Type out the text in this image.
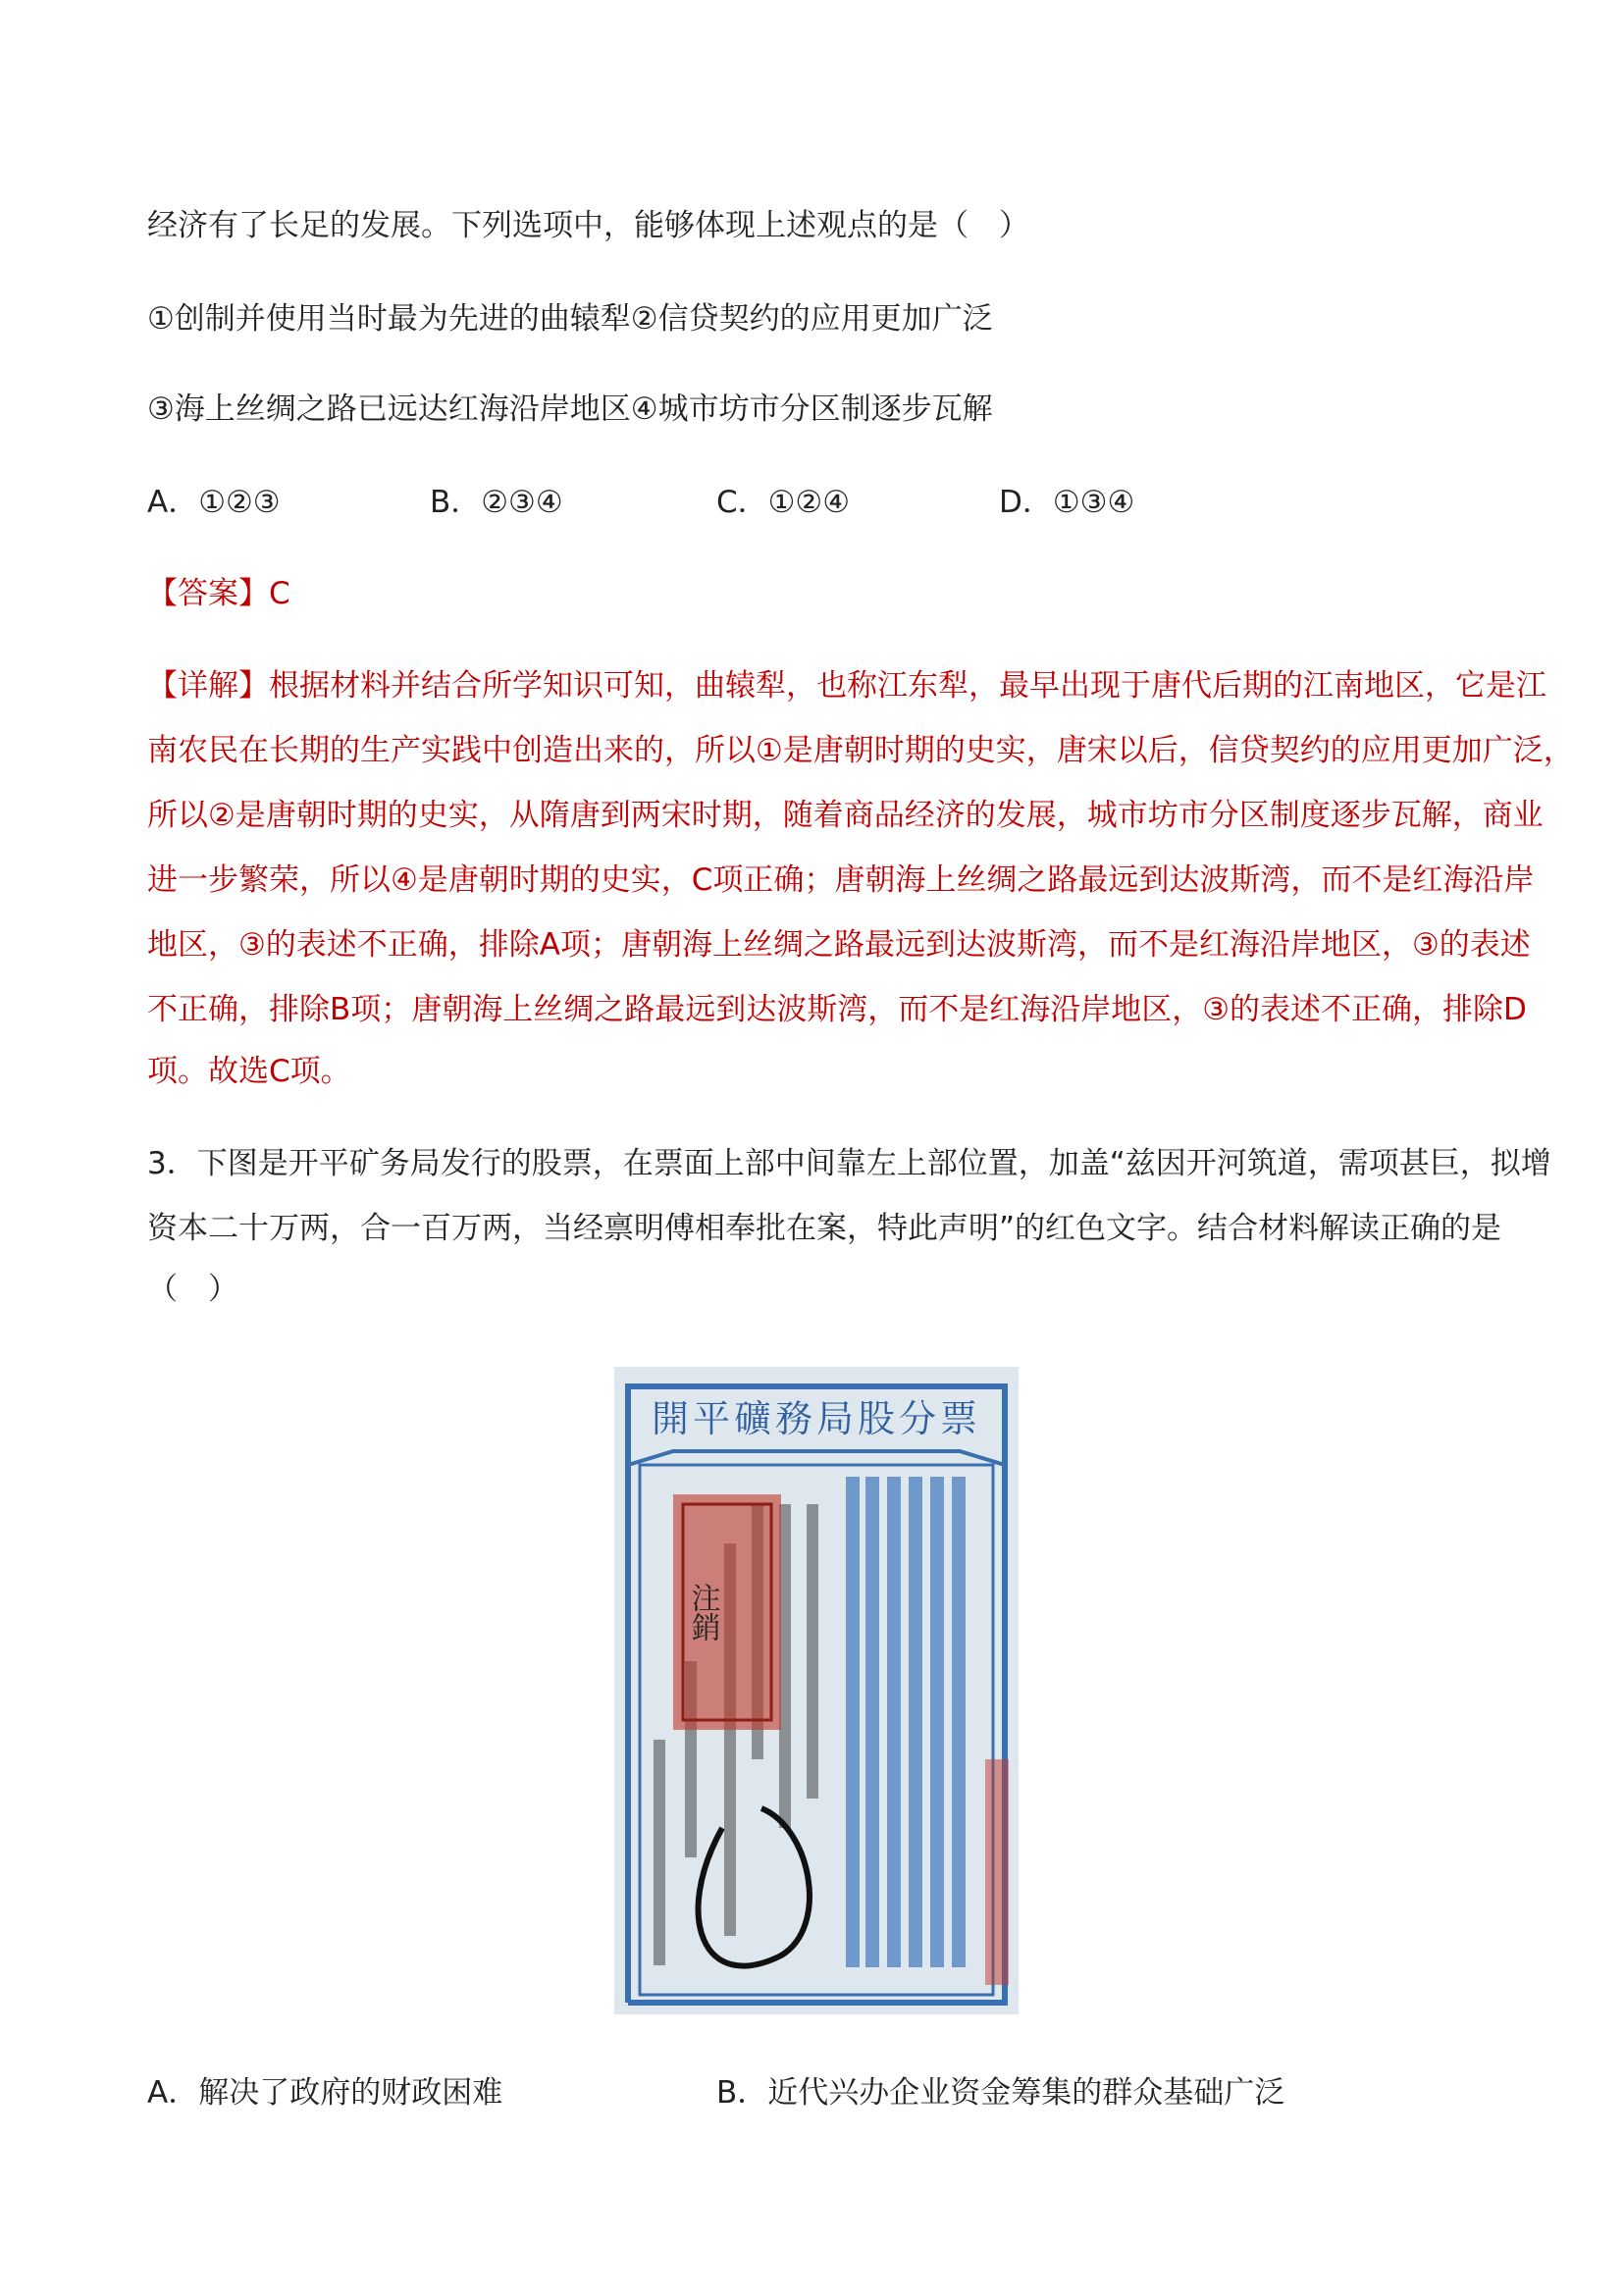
经济有了长足的发展。下列选项中，能够体现上述观点的是（　）
①创制并使用当时最为先进的曲辕犁②信贷契约的应用更加广泛
③海上丝绸之路已远达红海沿岸地区④城市坊市分区制逐步瓦解
A．①②③	B．②③④	C．①②④	D．①③④
【答案】C
【详解】根据材料并结合所学知识可知，曲辕犁，也称江东犁，最早出现于唐代后期的江南地区，它是江
南农民在长期的生产实践中创造出来的，所以①是唐朝时期的史实，唐宋以后，信贷契约的应用更加广泛，
所以②是唐朝时期的史实，从隋唐到两宋时期，随着商品经济的发展，城市坊市分区制度逐步瓦解，商业
进一步繁荣，所以④是唐朝时期的史实，C项正确；唐朝海上丝绸之路最远到达波斯湾，而不是红海沿岸
地区，③的表述不正确，排除A项；唐朝海上丝绸之路最远到达波斯湾，而不是红海沿岸地区，③的表述
不正确，排除B项；唐朝海上丝绸之路最远到达波斯湾，而不是红海沿岸地区，③的表述不正确，排除D
项。故选C项。
3．下图是开平矿务局发行的股票，在票面上部中间靠左上部位置，加盖“兹因开河筑道，需项甚巨，拟增
资本二十万两，合一百万两，当经禀明傅相奉批在案，特此声明”的红色文字。结合材料解读正确的是
（　）
開平礦務局股分票
注銷
A．解决了政府的财政困难	B．近代兴办企业资金筹集的群众基础广泛
